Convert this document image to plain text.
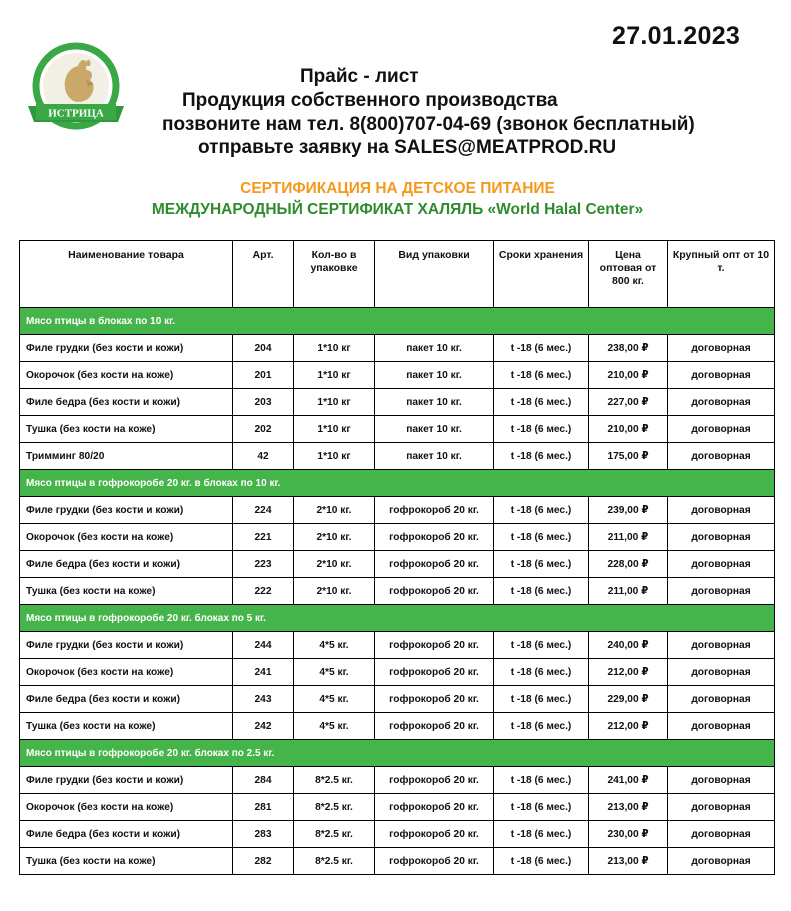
ИСТРИЦА
27.01.2023
Прайс - лист
Продукция собственного производства
позвоните нам тел. 8(800)707-04-69 (звонок бесплатный)
отправьте заявку на SALES@MEATPROD.RU
СЕРТИФИКАЦИЯ НА ДЕТСКОЕ ПИТАНИЕ
МЕЖДУНАРОДНЫЙ СЕРТИФИКАТ ХАЛЯЛЬ «World Halal Center»
Наименование товара	Арт.	Кол-во в упаковке	Вид упаковки	Сроки хранения	Цена оптовая от 800 кг.	Крупный опт от 10 т.
Мясо птицы в блоках по 10 кг.						
Филе грудки (без кости и кожи)	204	1*10 кг	пакет 10 кг.	t -18 (6 мес.)	238,00 ₽	договорная
Окорочок (без кости на коже)	201	1*10 кг	пакет 10 кг.	t -18 (6 мес.)	210,00 ₽	договорная
Филе бедра (без кости и кожи)	203	1*10 кг	пакет 10 кг.	t -18 (6 мес.)	227,00 ₽	договорная
Тушка (без кости на коже)	202	1*10 кг	пакет 10 кг.	t -18 (6 мес.)	210,00 ₽	договорная
Тримминг 80/20	42	1*10 кг	пакет 10 кг.	t -18 (6 мес.)	175,00 ₽	договорная
Мясо птицы в гофрокоробе 20 кг. в блоках по 10 кг.						
Филе грудки (без кости и кожи)	224	2*10 кг.	гофрокороб 20 кг.	t -18 (6 мес.)	239,00 ₽	договорная
Окорочок (без кости на коже)	221	2*10 кг.	гофрокороб 20 кг.	t -18 (6 мес.)	211,00 ₽	договорная
Филе бедра (без кости и кожи)	223	2*10 кг.	гофрокороб 20 кг.	t -18 (6 мес.)	228,00 ₽	договорная
Тушка (без кости на коже)	222	2*10 кг.	гофрокороб 20 кг.	t -18 (6 мес.)	211,00 ₽	договорная
Мясо птицы в гофрокоробе 20 кг. блоках по 5 кг.						
Филе грудки (без кости и кожи)	244	4*5 кг.	гофрокороб 20 кг.	t -18 (6 мес.)	240,00 ₽	договорная
Окорочок (без кости на коже)	241	4*5 кг.	гофрокороб 20 кг.	t -18 (6 мес.)	212,00 ₽	договорная
Филе бедра (без кости и кожи)	243	4*5 кг.	гофрокороб 20 кг.	t -18 (6 мес.)	229,00 ₽	договорная
Тушка (без кости на коже)	242	4*5 кг.	гофрокороб 20 кг.	t -18 (6 мес.)	212,00 ₽	договорная
Мясо птицы в гофрокоробе 20 кг. блоках по 2.5 кг.						
Филе грудки (без кости и кожи)	284	8*2.5 кг.	гофрокороб 20 кг.	t -18 (6 мес.)	241,00 ₽	договорная
Окорочок (без кости на коже)	281	8*2.5 кг.	гофрокороб 20 кг.	t -18 (6 мес.)	213,00 ₽	договорная
Филе бедра (без кости и кожи)	283	8*2.5 кг.	гофрокороб 20 кг.	t -18 (6 мес.)	230,00 ₽	договорная
Тушка (без кости на коже)	282	8*2.5 кг.	гофрокороб 20 кг.	t -18 (6 мес.)	213,00 ₽	договорная
